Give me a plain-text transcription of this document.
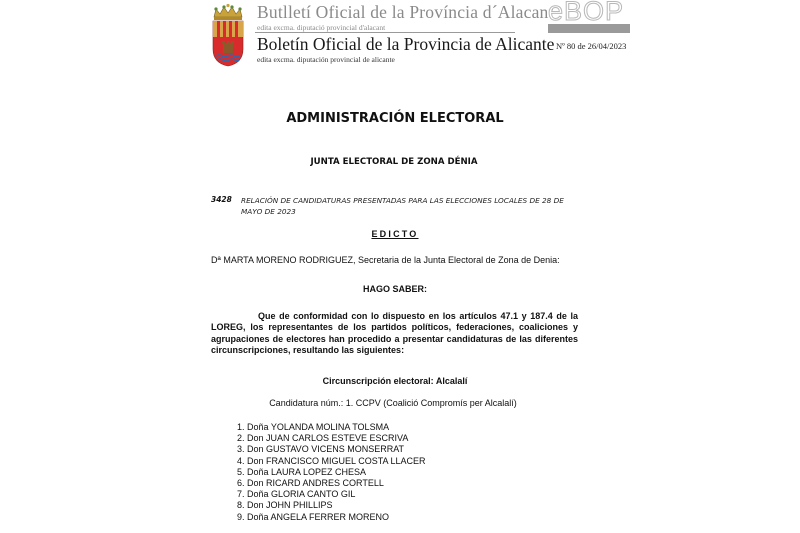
Butlletí Oficial de la Província d´Alacant
edita excma. diputació provincial d'alacant
eBOP
Boletín Oficial de la Provincia de Alicante
edita excma. diputación provincial de alicante
Nº 80 de 26/04/2023
ADMINISTRACIÓN ELECTORAL
JUNTA ELECTORAL DE ZONA DÉNIA
3428 RELACIÓN DE CANDIDATURAS PRESENTADAS PARA LAS ELECCIONES LOCALES DE 28 DE MAYO DE 2023
EDICTO
Dª MARTA MORENO RODRIGUEZ, Secretaria de la Junta Electoral de Zona de Denia:
HAGO SABER:
Que de conformidad con lo dispuesto en los artículos 47.1 y 187.4 de la LOREG, los representantes de los partidos políticos, federaciones, coaliciones y agrupaciones de electores han procedido a presentar candidaturas de las diferentes circunscripciones, resultando las siguientes:
Circunscripción electoral: Alcalalí
Candidatura núm.: 1. CCPV (Coalició Compromís per Alcalalí)
1. Doña YOLANDA MOLINA TOLSMA
2. Don JUAN CARLOS ESTEVE ESCRIVA
3. Don GUSTAVO VICENS MONSERRAT
4. Don FRANCISCO MIGUEL COSTA LLACER
5. Doña LAURA LOPEZ CHESA
6. Don RICARD ANDRES CORTELL
7. Doña GLORIA CANTO GIL
8. Don JOHN PHILLIPS
9. Doña ANGELA FERRER MORENO
